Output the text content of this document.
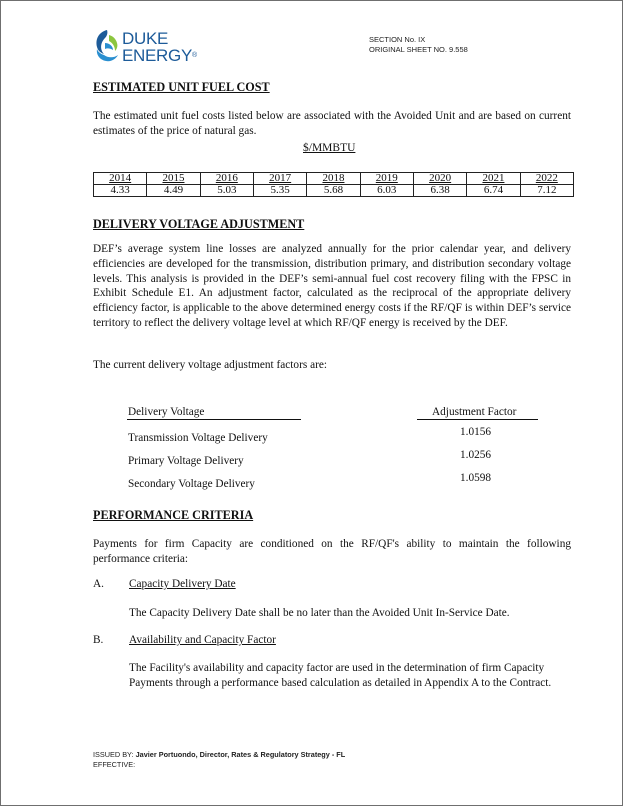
DUKE
ENERGY®
SECTION No. IX
ORIGINAL SHEET NO. 9.558
ESTIMATED UNIT FUEL COST
The estimated unit fuel costs listed below are associated with the Avoided Unit and are based on current estimates of the price of natural gas.
$/MMBTU
2014	2015	2016	2017	2018	2019	2020	2021	2022
4.33	4.49	5.03	5.35	5.68	6.03	6.38	6.74	7.12
DELIVERY VOLTAGE ADJUSTMENT
DEF’s average system line losses are analyzed annually for the prior calendar year, and delivery efficiencies are developed for the transmission, distribution primary, and distribution secondary voltage levels. This analysis is provided in the DEF’s semi-annual fuel cost recovery filing with the FPSC in Exhibit Schedule E1. An adjustment factor, calculated as the reciprocal of the appropriate delivery efficiency factor, is applicable to the above determined energy costs if the RF/QF is within DEF’s service territory to reflect the delivery voltage level at which RF/QF energy is received by the DEF.
The current delivery voltage adjustment factors are:
Delivery Voltage	Adjustment Factor
Transmission Voltage Delivery	1.0156
Primary Voltage Delivery	1.0256
Secondary Voltage Delivery	1.0598
PERFORMANCE CRITERIA
Payments for firm Capacity are conditioned on the RF/QF's ability to maintain the following performance criteria:
A. Capacity Delivery Date
The Capacity Delivery Date shall be no later than the Avoided Unit In-Service Date.
B. Availability and Capacity Factor
The Facility's availability and capacity factor are used in the determination of firm Capacity Payments through a performance based calculation as detailed in Appendix A to the Contract.
ISSUED BY: Javier Portuondo, Director, Rates & Regulatory Strategy - FL
EFFECTIVE:
